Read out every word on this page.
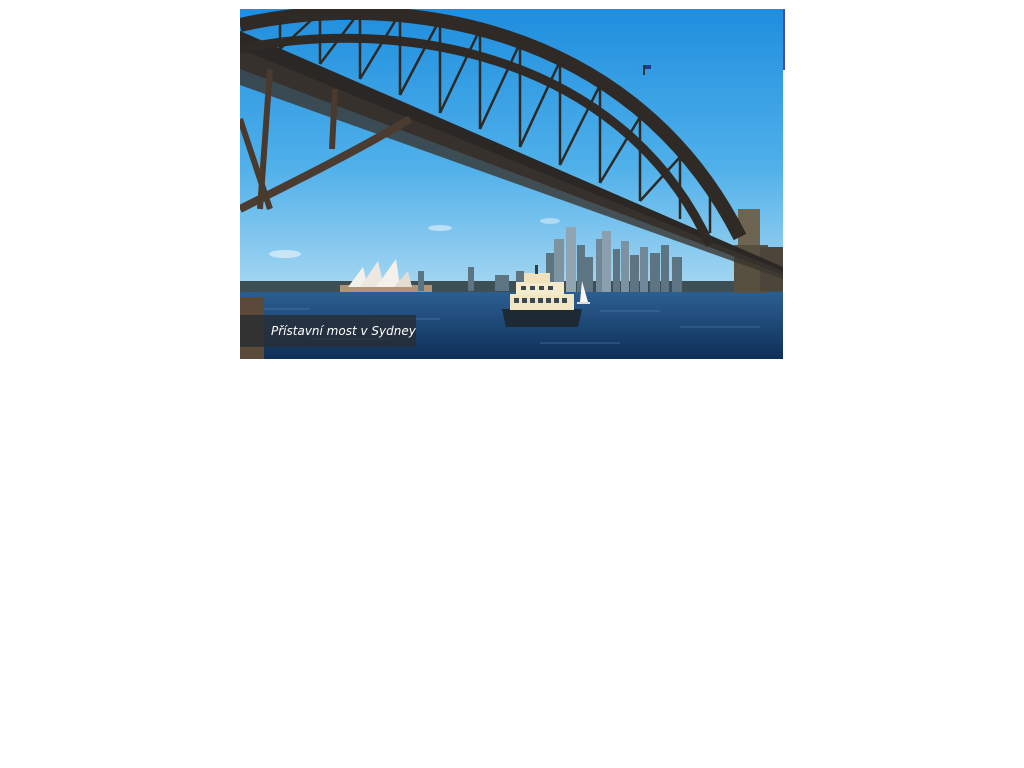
Přístavní most v Sydney
